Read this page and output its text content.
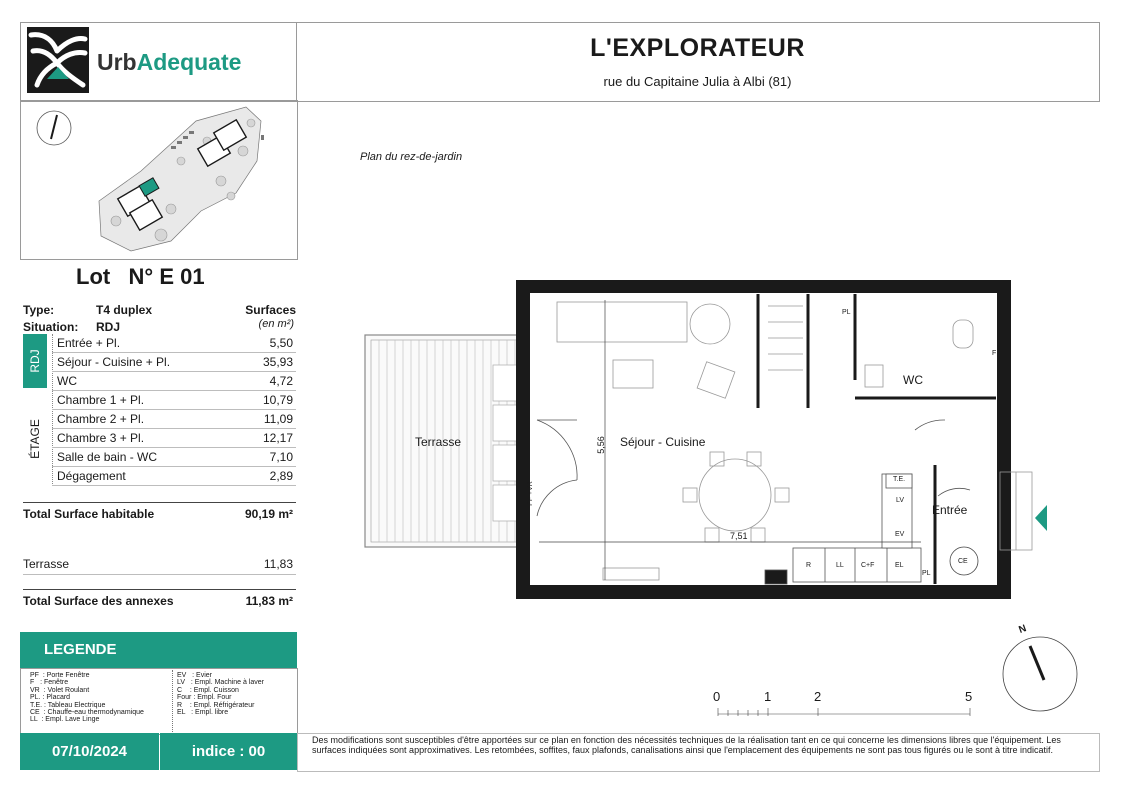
UrbAdequate	L'EXPLORATEUR
rue du Capitaine Julia à Albi (81)
Lot N° E 01
Type:	T4 duplex
Situation: RDJ
Surfaces
(en m²)
RDJ
ÉTAGE
Entrée + Pl.	5,50
Séjour - Cuisine + Pl.	35,93
WC	4,72
Chambre 1 + Pl.	10,79
Chambre 2 + Pl.	11,09
Chambre 3 + Pl.	12,17
Salle de bain - WC	7,10
Dégagement	2,89
Total Surface habitable	90,19 m²
Terrasse	11,83
Total Surface des annexes	11,83 m²
LEGENDE
PF  : Porte Fenêtre
F   : Fenêtre
VR  : Volet Roulant
PL. : Placard
T.E. : Tableau Electrique
CE  : Chauffe-eau thermodynamique
LL  : Empl. Lave Linge
EV   : Evier
LV   : Empl. Machine à laver
C    : Empl. Cuisson
Four : Empl. Four
R    : Empl. Réfrigérateur
EL   : Empl. libre
07/10/2024	indice : 00
Des modifications sont susceptibles d'être apportées sur ce plan en fonction des nécessités techniques de la réalisation tant en ce qui concerne les dimensions libres que l'équipement. Les surfaces indiquées sont approximatives. Les retombées, soffites, faux plafonds, canalisations ainsi que l'emplacement des équipements ne sont pas tous figurés ou le sont à titre indicatif.
Plan du rez-de-jardin
Terrasse	Séjour - Cuisine
WC
Entrée
5,56
7,51
PF +VR
T.E.
LV
EV
R	LL C+F	EL
PL
PL
CE
F
0	1	2	5
N
